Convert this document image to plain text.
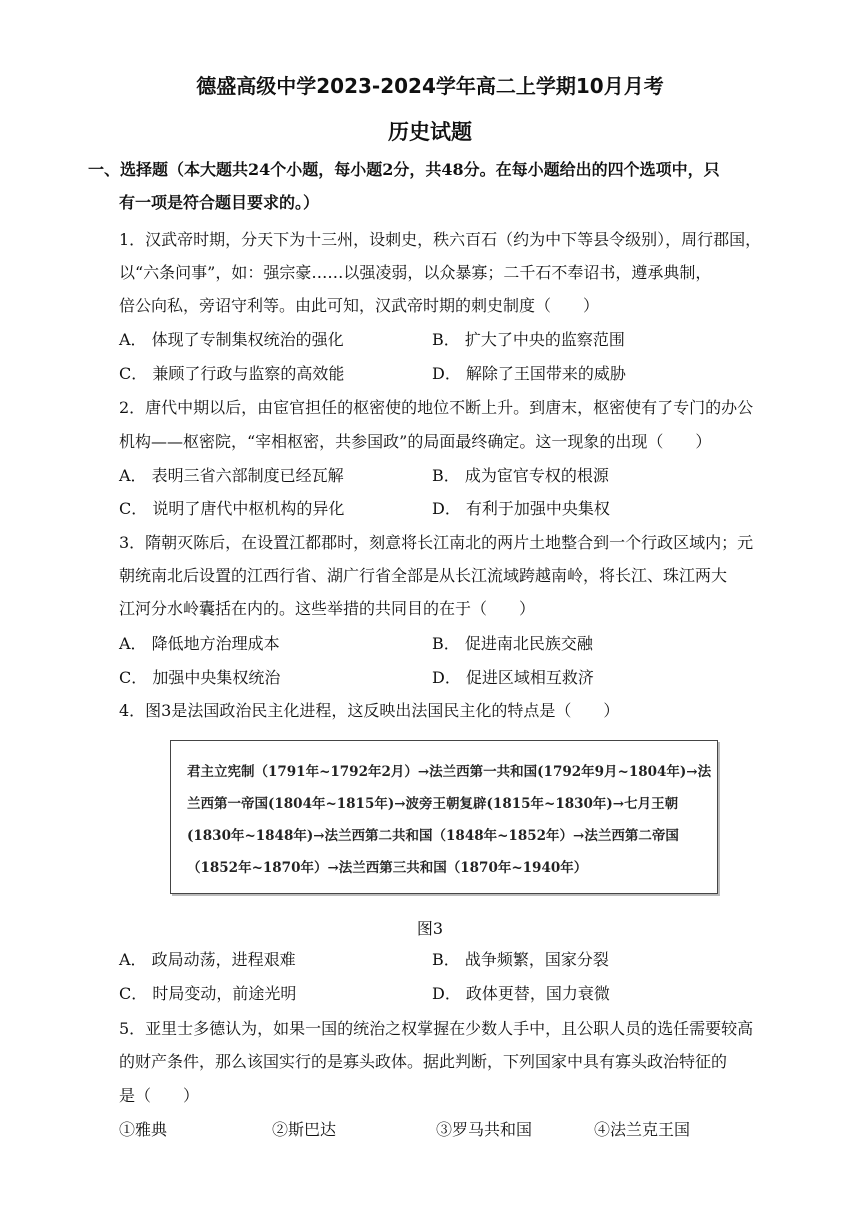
德盛高级中学2023-2024学年高二上学期10月月考
历史试题
一、选择题（本大题共24个小题，每小题2分，共48分。在每小题给出的四个选项中，只
有一项是符合题目要求的。）
1．汉武帝时期，分天下为十三州，设刺史，秩六百石（约为中下等县令级别），周行郡国，
以“六条问事”，如：强宗豪……以强凌弱，以众暴寡；二千石不奉诏书，遵承典制，
倍公向私，旁诏守利等。由此可知，汉武帝时期的刺史制度（　　）
A． 体现了专制集权统治的强化	B． 扩大了中央的监察范围
C． 兼顾了行政与监察的高效能	D． 解除了王国带来的威胁
2．唐代中期以后，由宦官担任的枢密使的地位不断上升。到唐末，枢密使有了专门的办公
机构——枢密院，“宰相枢密，共参国政”的局面最终确定。这一现象的出现（　　）
A． 表明三省六部制度已经瓦解	B． 成为宦官专权的根源
C． 说明了唐代中枢机构的异化	D． 有利于加强中央集权
3．隋朝灭陈后，在设置江都郡时，刻意将长江南北的两片土地整合到一个行政区域内；元
朝统南北后设置的江西行省、湖广行省全部是从长江流域跨越南岭，将长江、珠江两大
江河分水岭囊括在内的。这些举措的共同目的在于（　　）
A． 降低地方治理成本	B． 促进南北民族交融
C． 加强中央集权统治	D． 促进区域相互救济
4．图3是法国政治民主化进程，这反映出法国民主化的特点是（　　）
君主立宪制（1791年~1792年2月）→法兰西第一共和国(1792年9月~1804年)→法
兰西第一帝国(1804年~1815年)→波旁王朝复辟(1815年~1830年)→七月王朝
(1830年~1848年)→法兰西第二共和国（1848年~1852年）→法兰西第二帝国
（1852年~1870年）→法兰西第三共和国（1870年~1940年）
图3
A． 政局动荡，进程艰难	B． 战争频繁，国家分裂
C． 时局变动，前途光明	D． 政体更替，国力衰微
5．亚里士多德认为，如果一国的统治之权掌握在少数人手中，且公职人员的选任需要较高
的财产条件，那么该国实行的是寡头政体。据此判断，下列国家中具有寡头政治特征的
是（　　）
①雅典	②斯巴达	③罗马共和国	④法兰克王国
